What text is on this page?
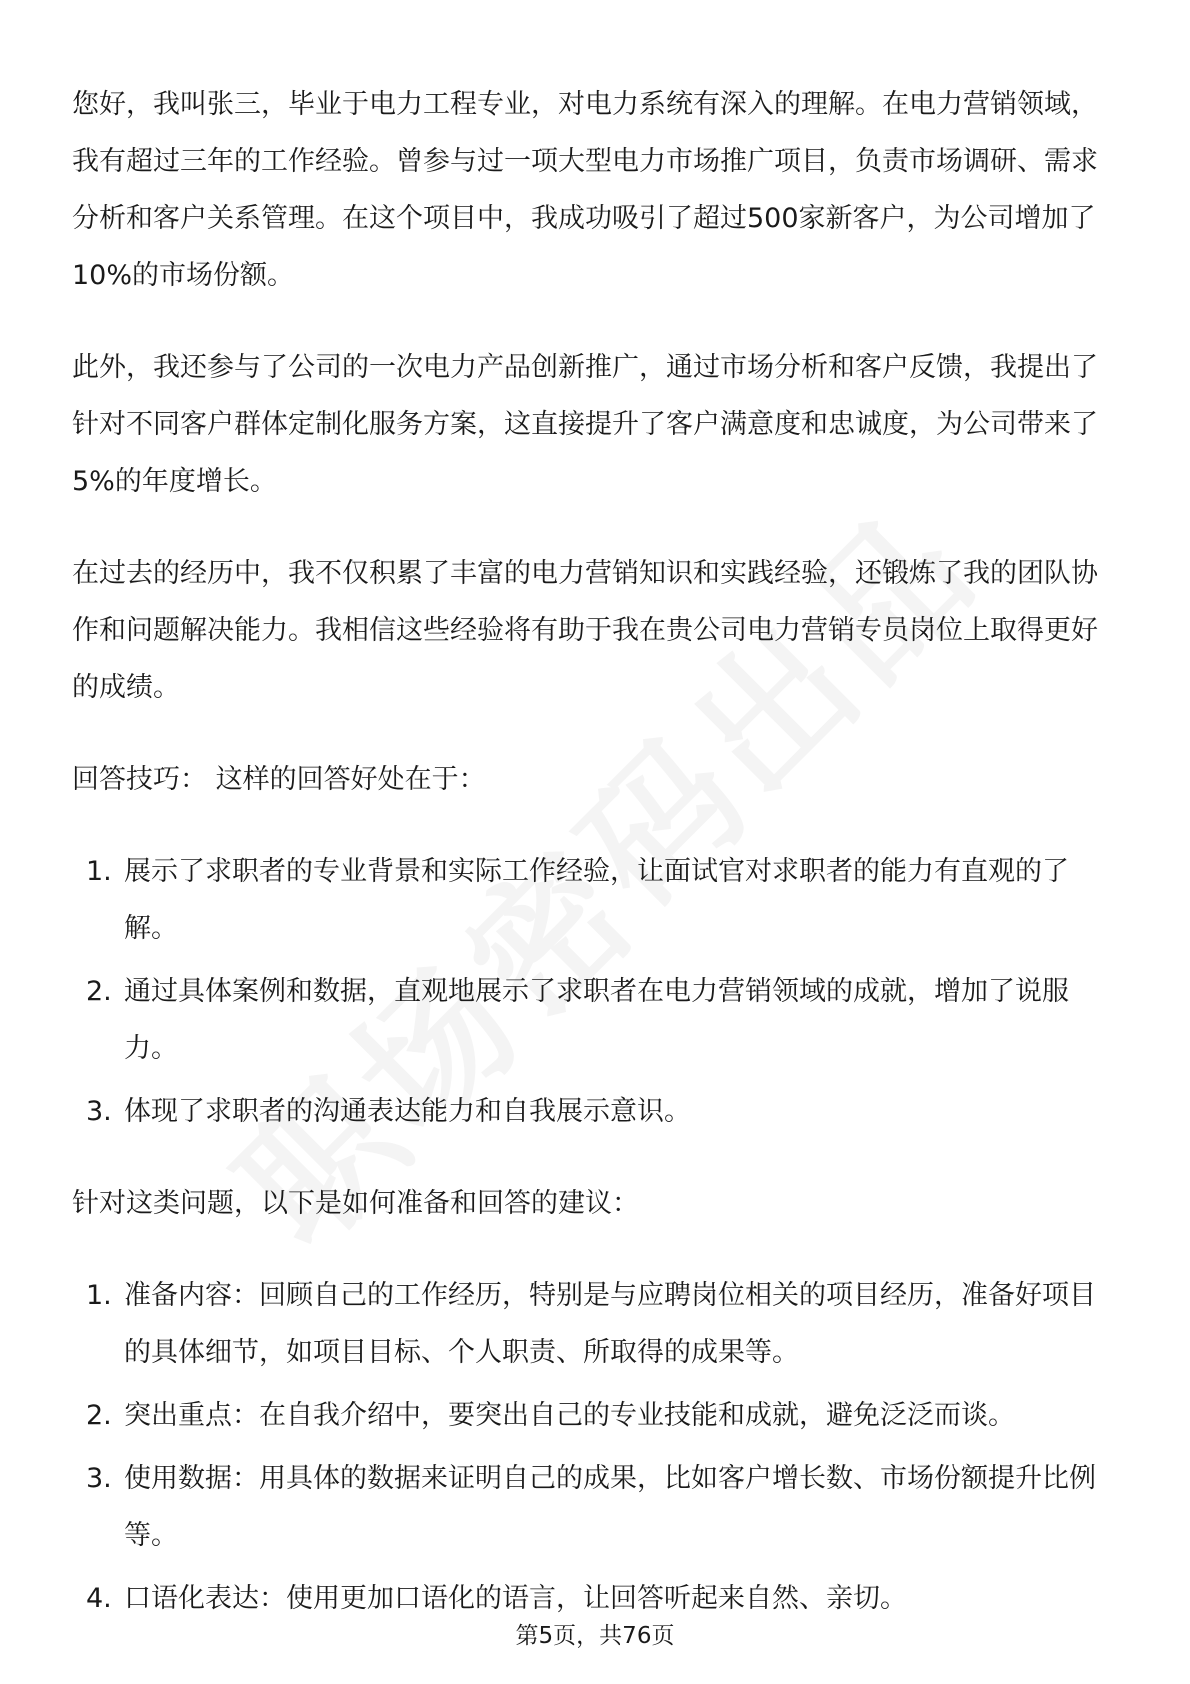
您好，我叫张三，毕业于电力工程专业，对电力系统有深入的理解。在电力营销领域，我有超过三年的工作经验。曾参与过一项大型电力市场推广项目，负责市场调研、需求分析和客户关系管理。在这个项目中，我成功吸引了超过500家新客户，为公司增加了10%的市场份额。

此外，我还参与了公司的一次电力产品创新推广，通过市场分析和客户反馈，我提出了针对不同客户群体定制化服务方案，这直接提升了客户满意度和忠诚度，为公司带来了5%的年度增长。

在过去的经历中，我不仅积累了丰富的电力营销知识和实践经验，还锻炼了我的团队协作和问题解决能力。我相信这些经验将有助于我在贵公司电力营销专员岗位上取得更好的成绩。

回答技巧： 这样的回答好处在于：

1. 展示了求职者的专业背景和实际工作经验，让面试官对求职者的能力有直观的了解。
2. 通过具体案例和数据，直观地展示了求职者在电力营销领域的成就，增加了说服力。
3. 体现了求职者的沟通表达能力和自我展示意识。

针对这类问题，以下是如何准备和回答的建议：

1. 准备内容：回顾自己的工作经历，特别是与应聘岗位相关的项目经历，准备好项目的具体细节，如项目目标、个人职责、所取得的成果等。
2. 突出重点：在自我介绍中，要突出自己的专业技能和成就，避免泛泛而谈。
3. 使用数据：用具体的数据来证明自己的成果，比如客户增长数、市场份额提升比例等。
4. 口语化表达：使用更加口语化的语言，让回答听起来自然、亲切。
第5页，共76页
